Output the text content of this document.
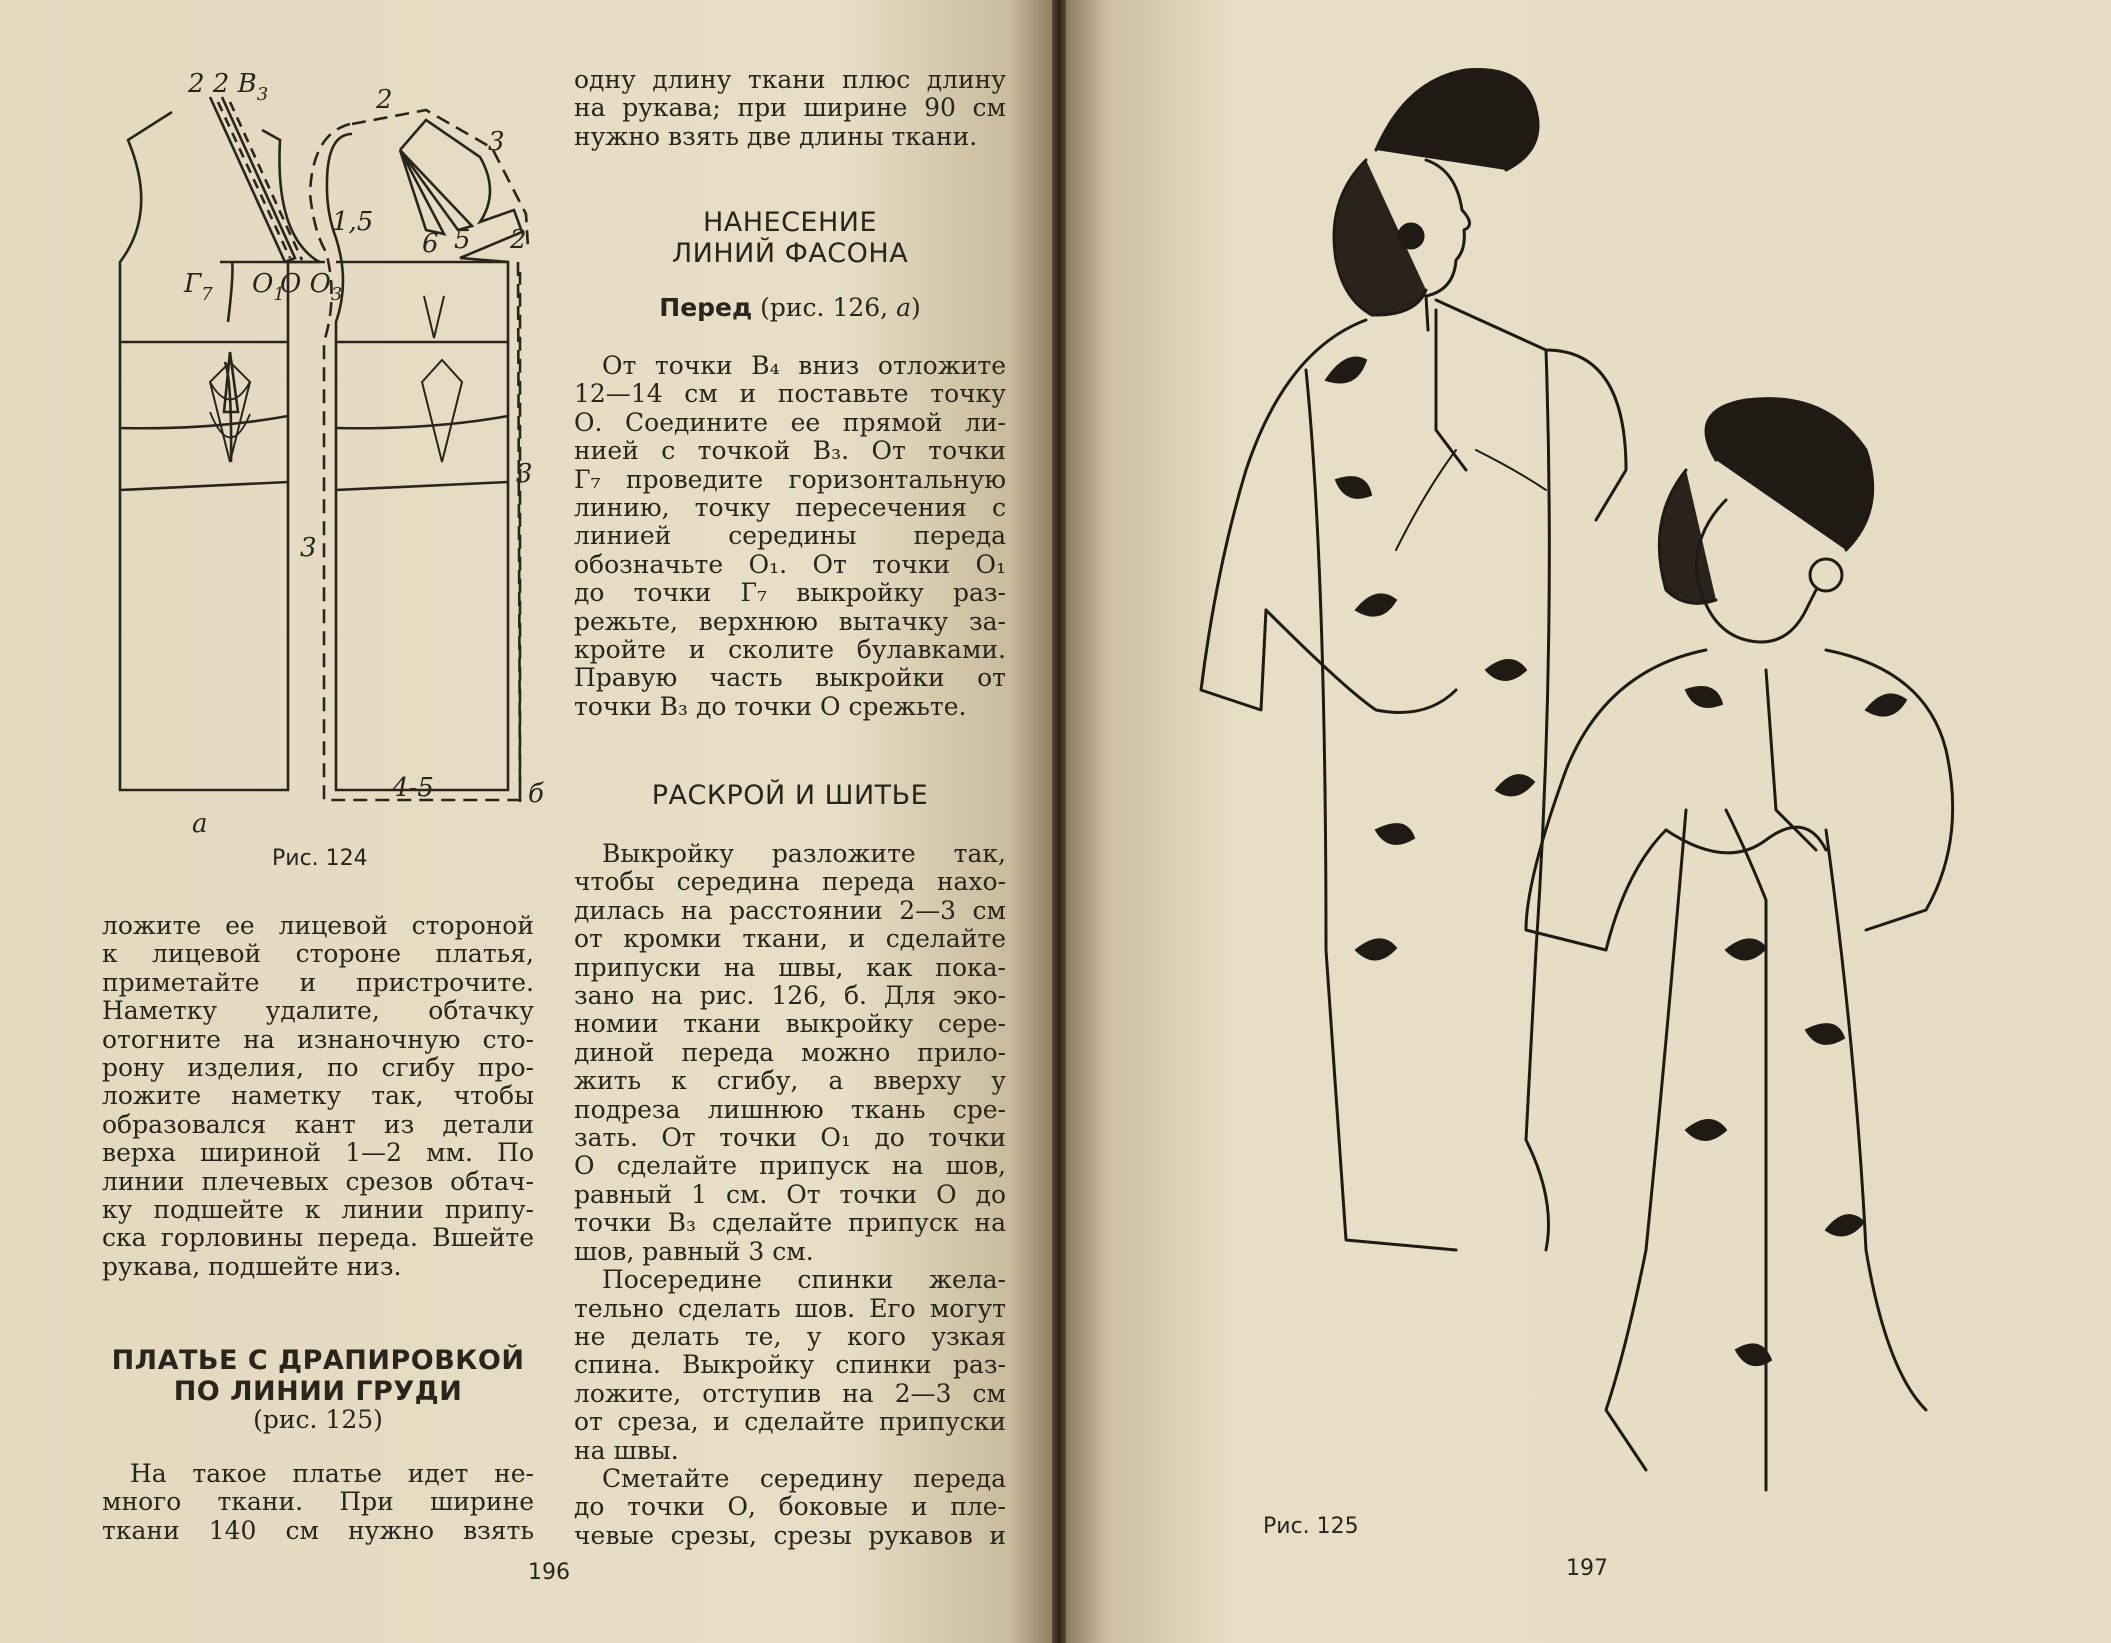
2 2 $В_3$	2
3
1,5
$Г_7$ $О_1$
О $О_3$
6 5 2
3
3
4-5
а
б
Рис. 124
ложите ее лицевой стороной
к лицевой стороне платья,
приметайте и пристрочите.
Наметку удалите, обтачку
отогните на изнаночную сто-
рону изделия, по сгибу про-
ложите наметку так, чтобы
образовался кант из детали
верха шириной 1—2 мм. По
линии плечевых срезов обтач-
ку подшейте к линии припу-
ска горловины переда. Вшейте
рукава, подшейте низ.
ПЛАТЬЕ С ДРАПИРОВКОЙ
ПО ЛИНИИ ГРУДИ
(рис. 125)
На такое платье идет не-
много ткани. При ширине
ткани 140 см нужно взять
одну длину ткани плюс длину
на рукава; при ширине 90 см
нужно взять две длины ткани.
НАНЕСЕНИЕ
ЛИНИЙ ФАСОНА
Перед (рис. 126, а)
От точки В₄ вниз отложите
12—14 см и поставьте точку
О. Соедините ее прямой ли-
нией с точкой В₃. От точки
Г₇ проведите горизонтальную
линию, точку пересечения с
линией середины переда
обозначьте О₁. От точки О₁
до точки Г₇ выкройку раз-
режьте, верхнюю вытачку за-
кройте и сколите булавками.
Правую часть выкройки от
точки В₃ до точки О срежьте.
РАСКРОЙ И ШИТЬЕ
Выкройку разложите так,
чтобы середина переда нахо-
дилась на расстоянии 2—3 см
от кромки ткани, и сделайте
припуски на швы, как пока-
зано на рис. 126, б. Для эко-
номии ткани выкройку сере-
диной переда можно прило-
жить к сгибу, а вверху у
подреза лишнюю ткань сре-
зать. От точки О₁ до точки
О сделайте припуск на шов,
равный 1 см. От точки О до
точки В₃ сделайте припуск на
шов, равный 3 см.
Посередине спинки жела-
тельно сделать шов. Его могут
не делать те, у кого узкая
спина. Выкройку спинки раз-
ложите, отступив на 2—3 см
от среза, и сделайте припуски
на швы.
Сметайте середину переда
до точки О, боковые и пле-
чевые срезы, срезы рукавов и
196
Рис. 125
197
